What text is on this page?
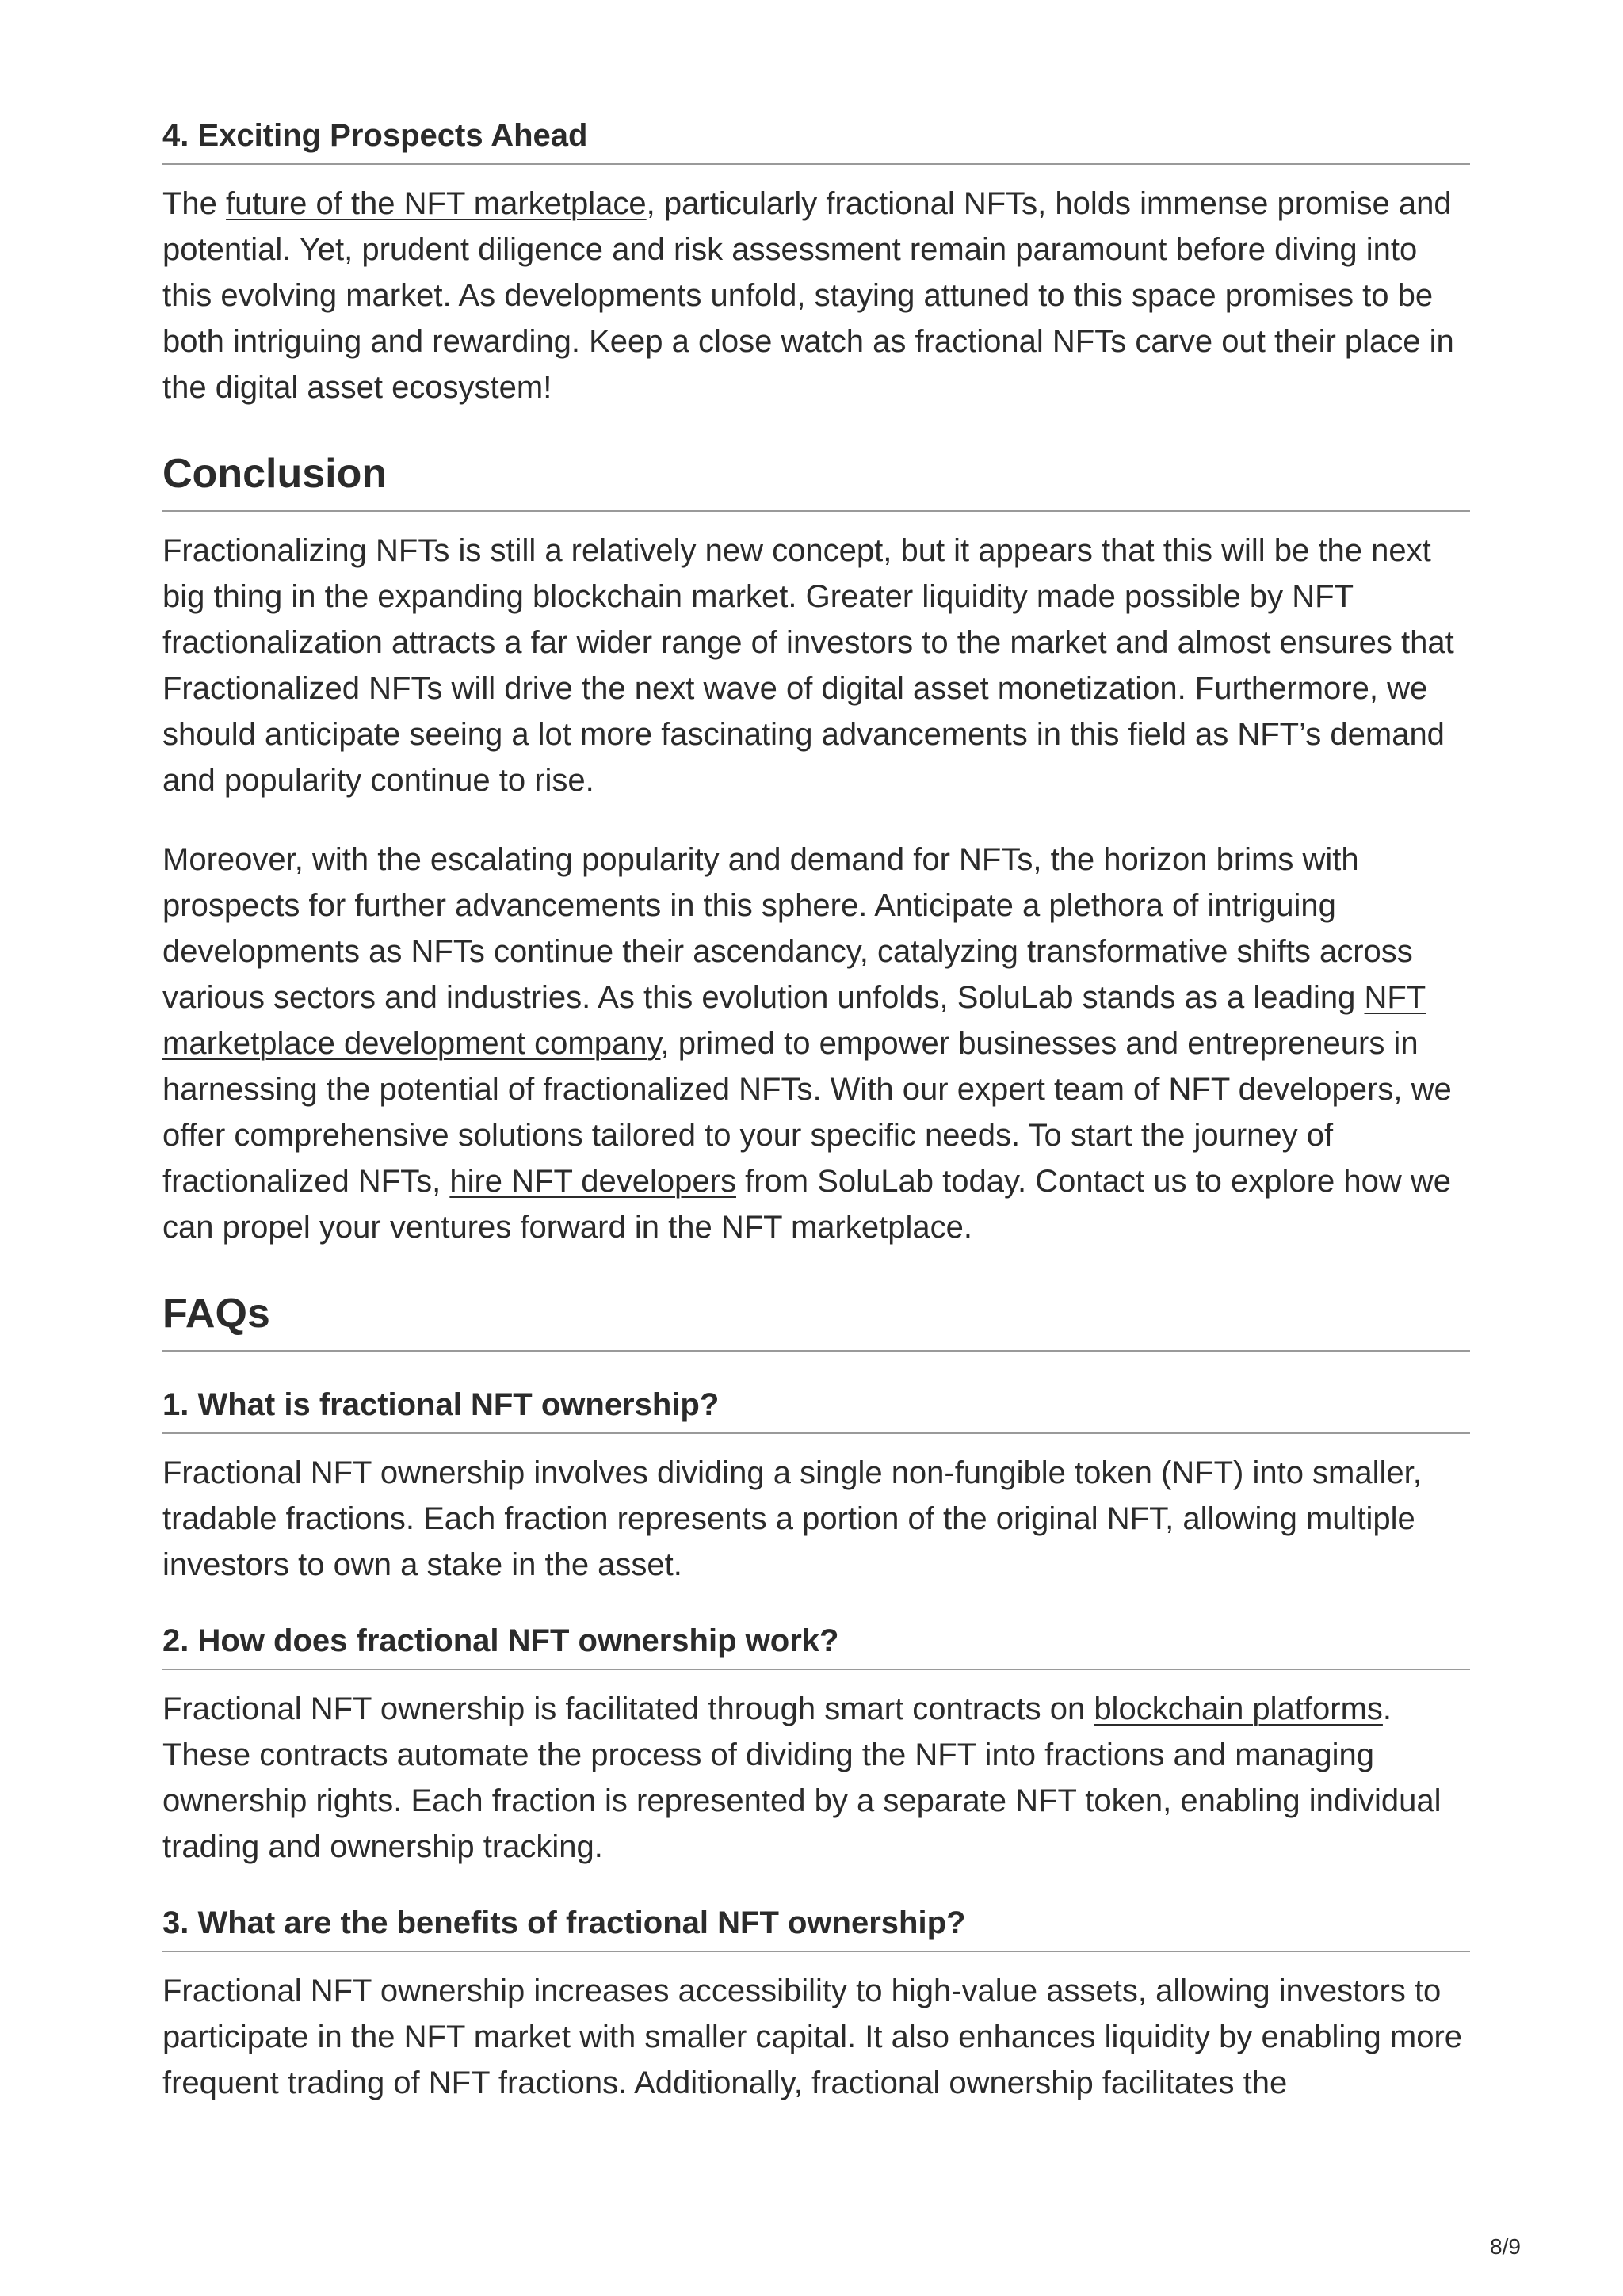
4. Exciting Prospects Ahead

The future of the NFT marketplace, particularly fractional NFTs, holds immense promise and potential. Yet, prudent diligence and risk assessment remain paramount before diving into this evolving market. As developments unfold, staying attuned to this space promises to be both intriguing and rewarding. Keep a close watch as fractional NFTs carve out their place in the digital asset ecosystem!

Conclusion

Fractionalizing NFTs is still a relatively new concept, but it appears that this will be the next big thing in the expanding blockchain market. Greater liquidity made possible by NFT fractionalization attracts a far wider range of investors to the market and almost ensures that Fractionalized NFTs will drive the next wave of digital asset monetization. Furthermore, we should anticipate seeing a lot more fascinating advancements in this field as NFT’s demand and popularity continue to rise.

Moreover, with the escalating popularity and demand for NFTs, the horizon brims with prospects for further advancements in this sphere. Anticipate a plethora of intriguing developments as NFTs continue their ascendancy, catalyzing transformative shifts across various sectors and industries. As this evolution unfolds, SoluLab stands as a leading NFT marketplace development company, primed to empower businesses and entrepreneurs in harnessing the potential of fractionalized NFTs. With our expert team of NFT developers, we offer comprehensive solutions tailored to your specific needs. To start the journey of fractionalized NFTs, hire NFT developers from SoluLab today. Contact us to explore how we can propel your ventures forward in the NFT marketplace.

FAQs
1. What is fractional NFT ownership?

Fractional NFT ownership involves dividing a single non-fungible token (NFT) into smaller, tradable fractions. Each fraction represents a portion of the original NFT, allowing multiple investors to own a stake in the asset.

2. How does fractional NFT ownership work?

Fractional NFT ownership is facilitated through smart contracts on blockchain platforms. These contracts automate the process of dividing the NFT into fractions and managing ownership rights. Each fraction is represented by a separate NFT token, enabling individual trading and ownership tracking.

3. What are the benefits of fractional NFT ownership?

Fractional NFT ownership increases accessibility to high-value assets, allowing investors to participate in the NFT market with smaller capital. It also enhances liquidity by enabling more frequent trading of NFT fractions. Additionally, fractional ownership facilitates the

8/9
